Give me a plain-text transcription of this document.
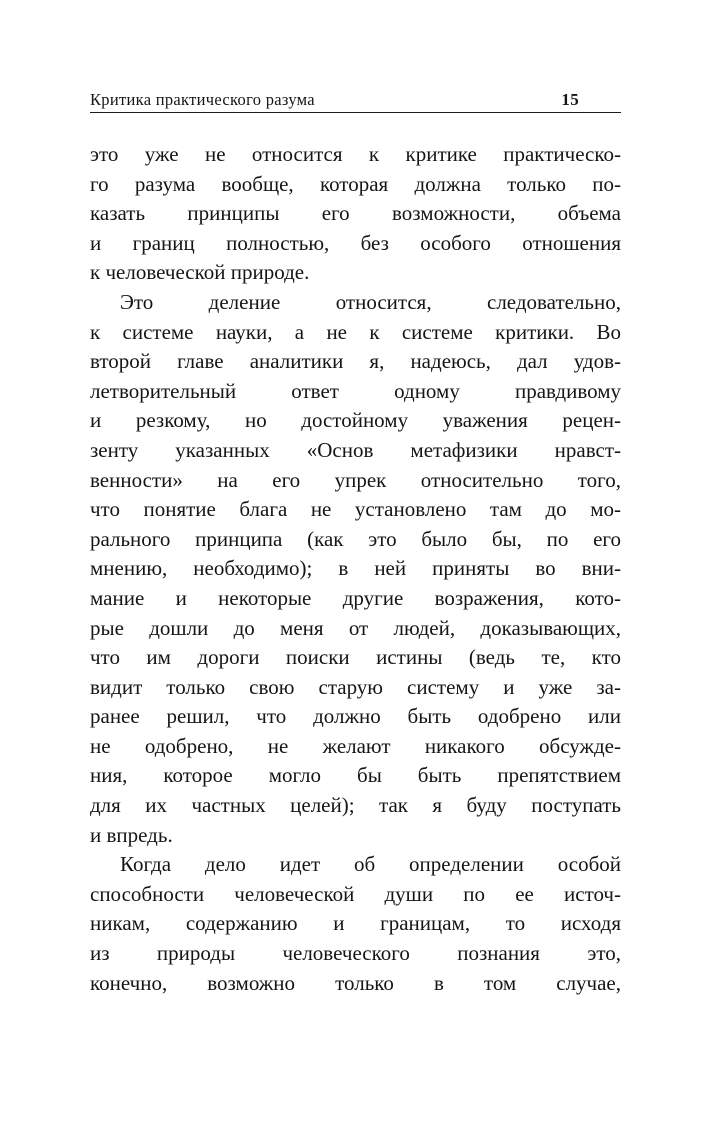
Критика практического разума	15
это уже не относится к критике практическо-
го разума вообще, которая должна только по-
казать принципы его возможности, объема
и границ полностью, без особого отношения
к человеческой природе.
Это деление относится, следовательно,
к системе науки, а не к системе критики. Во
второй главе аналитики я, надеюсь, дал удов-
летворительный ответ одному правдивому
и резкому, но достойному уважения рецен-
зенту указанных «Основ метафизики нравст-
венности» на его упрек относительно того,
что понятие блага не установлено там до мо-
рального принципа (как это было бы, по его
мнению, необходимо); в ней приняты во вни-
мание и некоторые другие возражения, кото-
рые дошли до меня от людей, доказывающих,
что им дороги поиски истины (ведь те, кто
видит только свою старую систему и уже за-
ранее решил, что должно быть одобрено или
не одобрено, не желают никакого обсужде-
ния, которое могло бы быть препятствием
для их частных целей); так я буду поступать
и впредь.
Когда дело идет об определении особой
способности человеческой души по ее источ-
никам, содержанию и границам, то исходя
из природы человеческого познания это,
конечно, возможно только в том случае,
